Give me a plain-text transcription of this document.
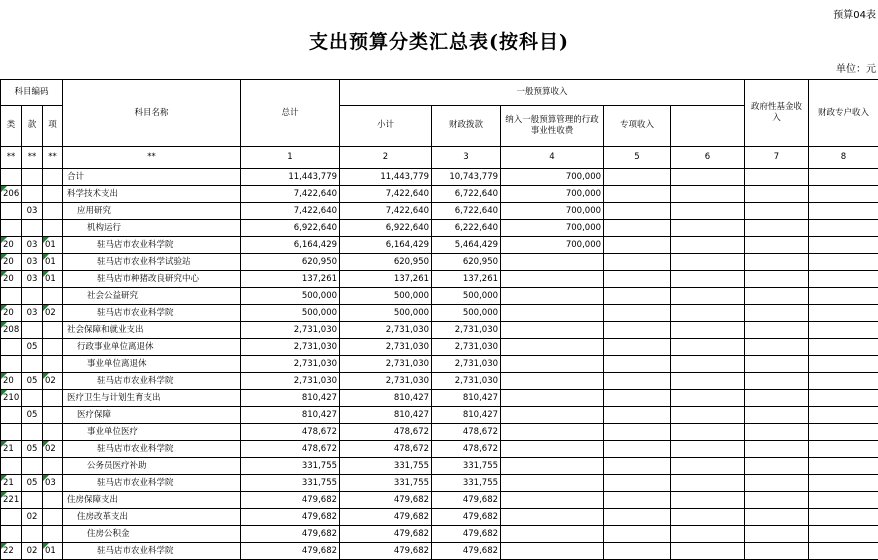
预算04表
支出预算分类汇总表(按科目)
单位：元
科目编码			科目名称	总计	一般预算收入					政府性基金收入	财政专户收入	
类	款	项			小计	财政拨款	纳入一般预算管理的行政事业性收费	专项收入				
**	**	**	**	1	2	3	4	5	6	7	8	
			合计	11,443,779	11,443,779	10,743,779	700,000					
206			科学技术支出	7,422,640	7,422,640	6,722,640	700,000					
	03		应用研究	7,422,640	7,422,640	6,722,640	700,000					
			机构运行	6,922,640	6,922,640	6,222,640	700,000					
20	03	01	驻马店市农业科学院	6,164,429	6,164,429	5,464,429	700,000					
20	03	01	驻马店市农业科学试验站	620,950	620,950	620,950						
20	03	01	驻马店市种猪改良研究中心	137,261	137,261	137,261						
			社会公益研究	500,000	500,000	500,000						
20	03	02	驻马店市农业科学院	500,000	500,000	500,000						
208			社会保障和就业支出	2,731,030	2,731,030	2,731,030						
	05		行政事业单位离退休	2,731,030	2,731,030	2,731,030						
			事业单位离退休	2,731,030	2,731,030	2,731,030						
20	05	02	驻马店市农业科学院	2,731,030	2,731,030	2,731,030						
210			医疗卫生与计划生育支出	810,427	810,427	810,427						
	05		医疗保障	810,427	810,427	810,427						
			事业单位医疗	478,672	478,672	478,672						
21	05	02	驻马店市农业科学院	478,672	478,672	478,672						
			公务员医疗补助	331,755	331,755	331,755						
21	05	03	驻马店市农业科学院	331,755	331,755	331,755						
221			住房保障支出	479,682	479,682	479,682						
	02		住房改革支出	479,682	479,682	479,682						
			住房公积金	479,682	479,682	479,682						
22	02	01	驻马店市农业科学院	479,682	479,682	479,682						
